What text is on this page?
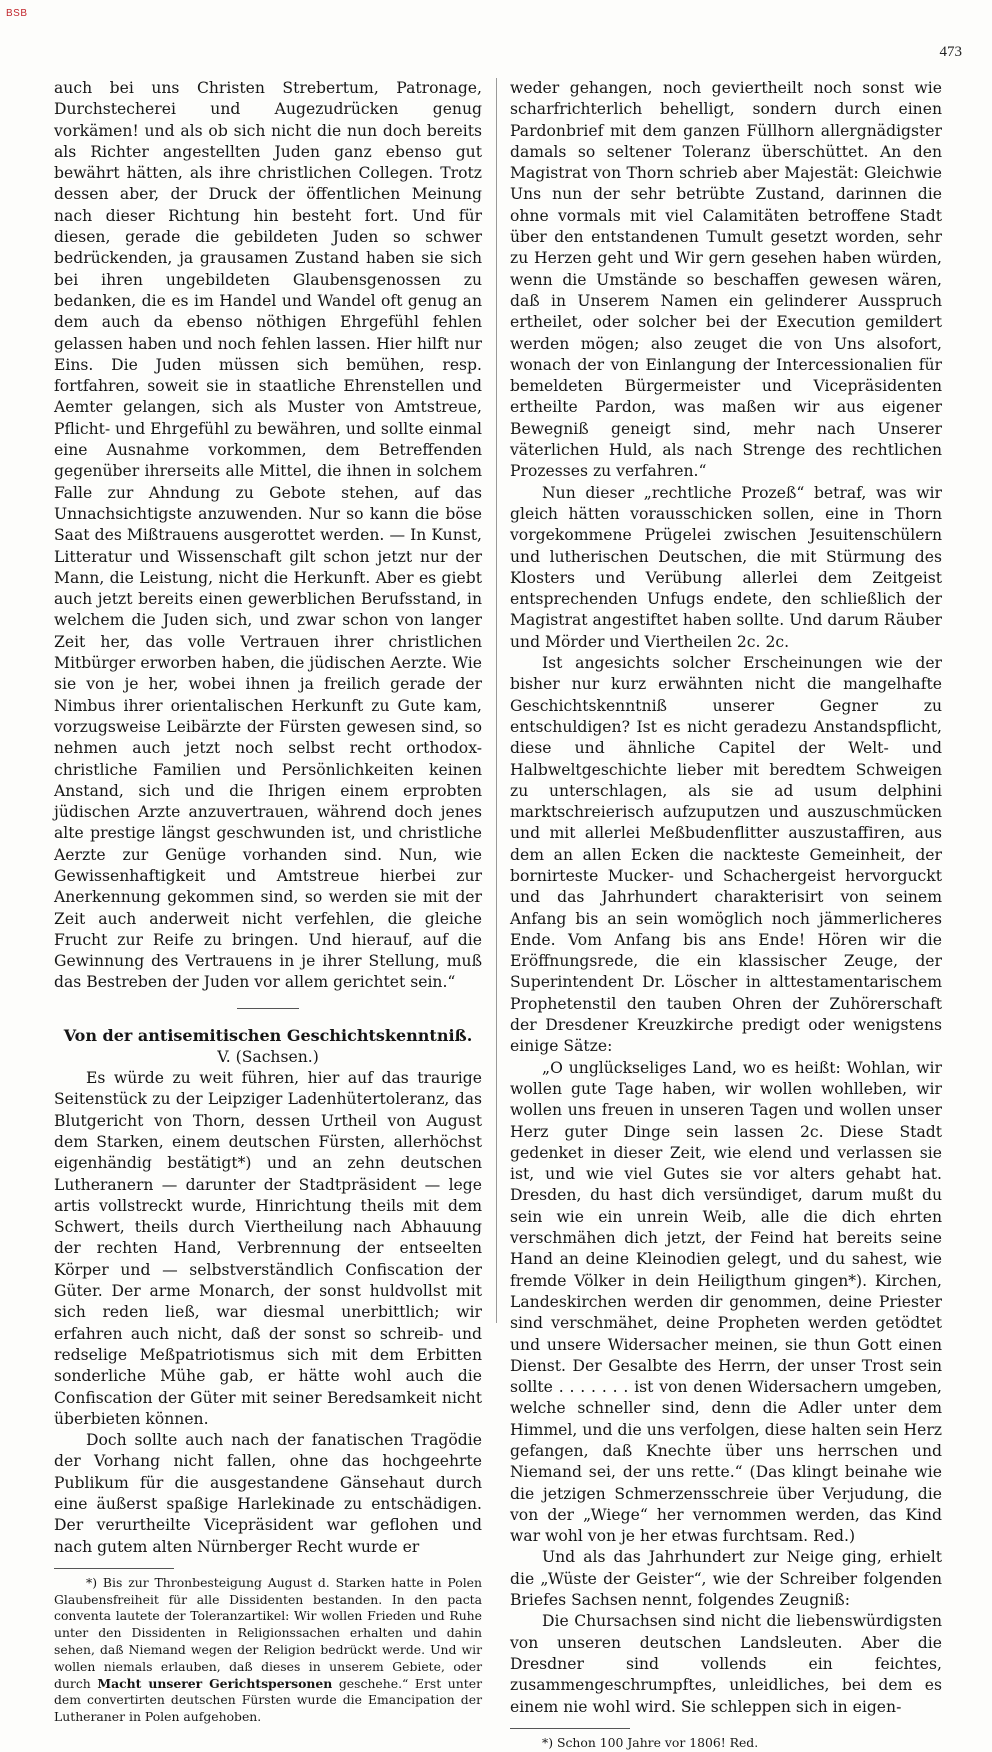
BSB
473

auch bei uns Christen Strebertum, Patronage, Durchstecherei und Augezudrücken genug vorkämen! und als ob sich nicht die nun doch bereits als Richter angestellten Juden ganz ebenso gut bewährt hätten, als ihre christlichen Collegen. Trotz dessen aber, der Druck der öffentlichen Meinung nach dieser Richtung hin besteht fort. Und für diesen, gerade die gebildeten Juden so schwer bedrückenden, ja grausamen Zustand haben sie sich bei ihren ungebildeten Glaubensgenossen zu bedanken, die es im Handel und Wandel oft genug an dem auch da ebenso nöthigen Ehrgefühl fehlen gelassen haben und noch fehlen lassen. Hier hilft nur Eins. Die Juden müssen sich bemühen, resp. fortfahren, soweit sie in staatliche Ehrenstellen und Aemter gelangen, sich als Muster von Amtstreue, Pflicht- und Ehrgefühl zu bewähren, und sollte einmal eine Ausnahme vorkommen, dem Betreffenden gegenüber ihrerseits alle Mittel, die ihnen in solchem Falle zur Ahndung zu Gebote stehen, auf das Unnachsichtigste anzuwenden. Nur so kann die böse Saat des Mißtrauens ausgerottet werden. — In Kunst, Litteratur und Wissenschaft gilt schon jetzt nur der Mann, die Leistung, nicht die Herkunft. Aber es giebt auch jetzt bereits einen gewerblichen Berufsstand, in welchem die Juden sich, und zwar schon von langer Zeit her, das volle Vertrauen ihrer christlichen Mitbürger erworben haben, die jüdischen Aerzte. Wie sie von je her, wobei ihnen ja freilich gerade der Nimbus ihrer orientalischen Herkunft zu Gute kam, vorzugsweise Leibärzte der Fürsten gewesen sind, so nehmen auch jetzt noch selbst recht orthodox-christliche Familien und Persönlichkeiten keinen Anstand, sich und die Ihrigen einem erprobten jüdischen Arzte anzuvertrauen, während doch jenes alte prestige längst geschwunden ist, und christliche Aerzte zur Genüge vorhanden sind. Nun, wie Gewissenhaftigkeit und Amtstreue hierbei zur Anerkennung gekommen sind, so werden sie mit der Zeit auch anderweit nicht verfehlen, die gleiche Frucht zur Reife zu bringen. Und hierauf, auf die Gewinnung des Vertrauens in je ihrer Stellung, muß das Bestreben der Juden vor allem gerichtet sein.“

Von der antisemitischen Geschichtskenntniß.

V. (Sachsen.)

Es würde zu weit führen, hier auf das traurige Seitenstück zu der Leipziger Ladenhütertoleranz, das Blutgericht von Thorn, dessen Urtheil von August dem Starken, einem deutschen Fürsten, allerhöchst eigenhändig bestätigt*) und an zehn deutschen Lutheranern — darunter der Stadtpräsident — lege artis vollstreckt wurde, Hinrichtung theils mit dem Schwert, theils durch Viertheilung nach Abhauung der rechten Hand, Verbrennung der entseelten Körper und — selbstverständlich Confiscation der Güter. Der arme Monarch, der sonst huldvollst mit sich reden ließ, war diesmal unerbittlich; wir erfahren auch nicht, daß der sonst so schreib- und redselige Meßpatriotismus sich mit dem Erbitten sonderliche Mühe gab, er hätte wohl auch die Confiscation der Güter mit seiner Beredsamkeit nicht überbieten können.

Doch sollte auch nach der fanatischen Tragödie der Vorhang nicht fallen, ohne das hochgeehrte Publikum für die ausgestandene Gänsehaut durch eine äußerst spaßige Harlekinade zu entschädigen. Der verurtheilte Vicepräsident war geflohen und nach gutem alten Nürnberger Recht wurde er

*) Bis zur Thronbesteigung August d. Starken hatte in Polen Glaubensfreiheit für alle Dissidenten bestanden. In den pacta conventa lautete der Toleranzartikel: Wir wollen Frieden und Ruhe unter den Dissidenten in Religionssachen erhalten und dahin sehen, daß Niemand wegen der Religion bedrückt werde. Und wir wollen niemals erlauben, daß dieses in unserem Gebiete, oder durch Macht unserer Gerichtspersonen geschehe.“ Erst unter dem convertirten deutschen Fürsten wurde die Emancipation der Lutheraner in Polen aufgehoben.

weder gehangen, noch geviertheilt noch sonst wie scharfrichterlich behelligt, sondern durch einen Pardonbrief mit dem ganzen Füllhorn allergnädigster damals so seltener Toleranz überschüttet. An den Magistrat von Thorn schrieb aber Majestät: Gleichwie Uns nun der sehr betrübte Zustand, darinnen die ohne vormals mit viel Calamitäten betroffene Stadt über den entstandenen Tumult gesetzt worden, sehr zu Herzen geht und Wir gern gesehen haben würden, wenn die Umstände so beschaffen gewesen wären, daß in Unserem Namen ein gelinderer Ausspruch ertheilet, oder solcher bei der Execution gemildert werden mögen; also zeuget die von Uns alsofort, wonach der von Einlangung der Intercessionalien für bemeldeten Bürgermeister und Vicepräsidenten ertheilte Pardon, was maßen wir aus eigener Bewegniß geneigt sind, mehr nach Unserer väterlichen Huld, als nach Strenge des rechtlichen Prozesses zu verfahren.“

Nun dieser „rechtliche Prozeß“ betraf, was wir gleich hätten vorausschicken sollen, eine in Thorn vorgekommene Prügelei zwischen Jesuitenschülern und lutherischen Deutschen, die mit Stürmung des Klosters und Verübung allerlei dem Zeitgeist entsprechenden Unfugs endete, den schließlich der Magistrat angestiftet haben sollte. Und darum Räuber und Mörder und Viertheilen 2c. 2c.

Ist angesichts solcher Erscheinungen wie der bisher nur kurz erwähnten nicht die mangelhafte Geschichtskenntniß unserer Gegner zu entschuldigen? Ist es nicht geradezu Anstandspflicht, diese und ähnliche Capitel der Welt- und Halbweltgeschichte lieber mit beredtem Schweigen zu unterschlagen, als sie ad usum delphini marktschreierisch aufzuputzen und auszuschmücken und mit allerlei Meßbudenflitter auszustaffiren, aus dem an allen Ecken die nackteste Gemeinheit, der bornirteste Mucker- und Schachergeist hervorguckt und das Jahrhundert charakterisirt von seinem Anfang bis an sein womöglich noch jämmerlicheres Ende. Vom Anfang bis ans Ende! Hören wir die Eröffnungsrede, die ein klassischer Zeuge, der Superintendent Dr. Löscher in alttestamentarischem Prophetenstil den tauben Ohren der Zuhörerschaft der Dresdener Kreuzkirche predigt oder wenigstens einige Sätze:

„O unglückseliges Land, wo es heißt: Wohlan, wir wollen gute Tage haben, wir wollen wohlleben, wir wollen uns freuen in unseren Tagen und wollen unser Herz guter Dinge sein lassen 2c. Diese Stadt gedenket in dieser Zeit, wie elend und verlassen sie ist, und wie viel Gutes sie vor alters gehabt hat. Dresden, du hast dich versündiget, darum mußt du sein wie ein unrein Weib, alle die dich ehrten verschmähen dich jetzt, der Feind hat bereits seine Hand an deine Kleinodien gelegt, und du sahest, wie fremde Völker in dein Heiligthum gingen*). Kirchen, Landeskirchen werden dir genommen, deine Priester sind verschmähet, deine Propheten werden getödtet und unsere Widersacher meinen, sie thun Gott einen Dienst. Der Gesalbte des Herrn, der unser Trost sein sollte . . . . . . . ist von denen Widersachern umgeben, welche schneller sind, denn die Adler unter dem Himmel, und die uns verfolgen, diese halten sein Herz gefangen, daß Knechte über uns herrschen und Niemand sei, der uns rette.“ (Das klingt beinahe wie die jetzigen Schmerzensschreie über Verjudung, die von der „Wiege“ her vernommen werden, das Kind war wohl von je her etwas furchtsam. Red.)

Und als das Jahrhundert zur Neige ging, erhielt die „Wüste der Geister“, wie der Schreiber folgenden Briefes Sachsen nennt, folgendes Zeugniß:

Die Chursachsen sind nicht die liebenswürdigsten von unseren deutschen Landsleuten. Aber die Dresdner sind vollends ein feichtes, zusammengeschrumpftes, unleidliches, bei dem es einem nie wohl wird. Sie schleppen sich in eigen-

*) Schon 100 Jahre vor 1806! Red.
